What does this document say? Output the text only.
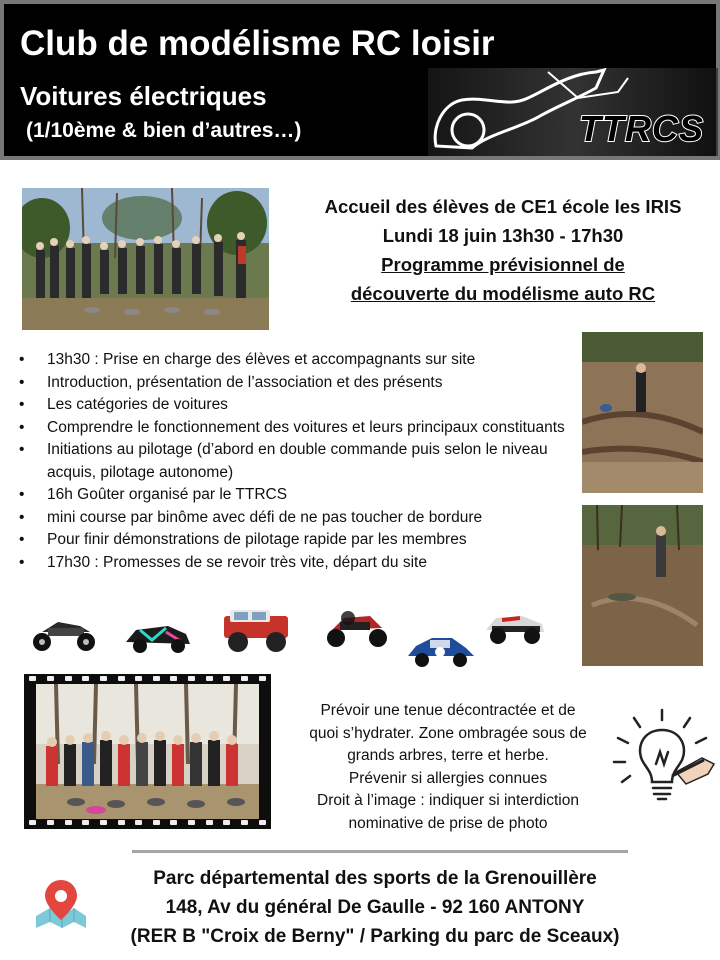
Club de modélisme RC loisir
Voitures électriques
(1/10ème & bien d’autres…)	TTRCS
Accueil des élèves de CE1 école les IRIS
Lundi 18 juin 13h30 - 17h30
Programme prévisionnel de
découverte du modélisme auto RC
• 13h30 : Prise en charge des élèves et accompagnants sur site
• Introduction, présentation de l’association et des présents
• Les catégories de voitures
• Comprendre le fonctionnement des voitures et leurs principaux constituants
• Initiations au pilotage (d’abord en double commande puis selon le niveau acquis, pilotage autonome)
• 16h Goûter organisé par le TTRCS
• mini course par binôme avec défi de ne pas toucher de bordure
• Pour finir démonstrations de pilotage rapide par les membres
• 17h30 : Promesses de se revoir très vite, départ du site
Prévoir une tenue décontractée et de
quoi s’hydrater. Zone ombragée sous de
grands arbres, terre et herbe.
Prévenir si allergies connues
Droit à l’image : indiquer si interdiction
nominative de prise de photo
Parc départemental des sports de la Grenouillère
148, Av du général De Gaulle - 92 160 ANTONY
(RER B "Croix de Berny" / Parking du parc de Sceaux)
